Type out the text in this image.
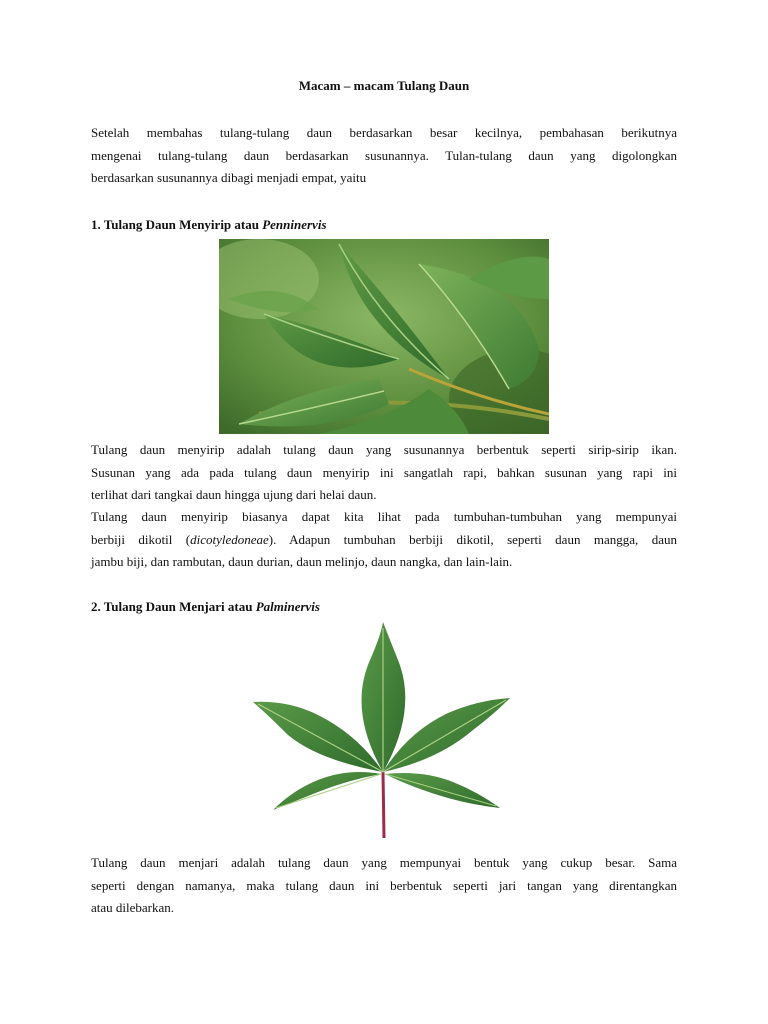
Macam – macam Tulang Daun
Setelah membahas tulang-tulang daun berdasarkan besar kecilnya, pembahasan berikutnya
mengenai tulang-tulang daun berdasarkan susunannya. Tulan-tulang daun yang digolongkan
berdasarkan susunannya dibagi menjadi empat, yaitu
1. Tulang Daun Menyirip atau Penninervis
Tulang daun menyirip adalah tulang daun yang susunannya berbentuk seperti sirip-sirip ikan.
Susunan yang ada pada tulang daun menyirip ini sangatlah rapi, bahkan susunan yang rapi ini
terlihat dari tangkai daun hingga ujung dari helai daun.
Tulang daun menyirip biasanya dapat kita lihat pada tumbuhan-tumbuhan yang mempunyai
berbiji dikotil (dicotyledoneae). Adapun tumbuhan berbiji dikotil, seperti daun mangga, daun
jambu biji, dan rambutan, daun durian, daun melinjo, daun nangka, dan lain-lain.
2. Tulang Daun Menjari atau Palminervis
Tulang daun menjari adalah tulang daun yang mempunyai bentuk yang cukup besar. Sama
seperti dengan namanya, maka tulang daun ini berbentuk seperti jari tangan yang direntangkan
atau dilebarkan.
